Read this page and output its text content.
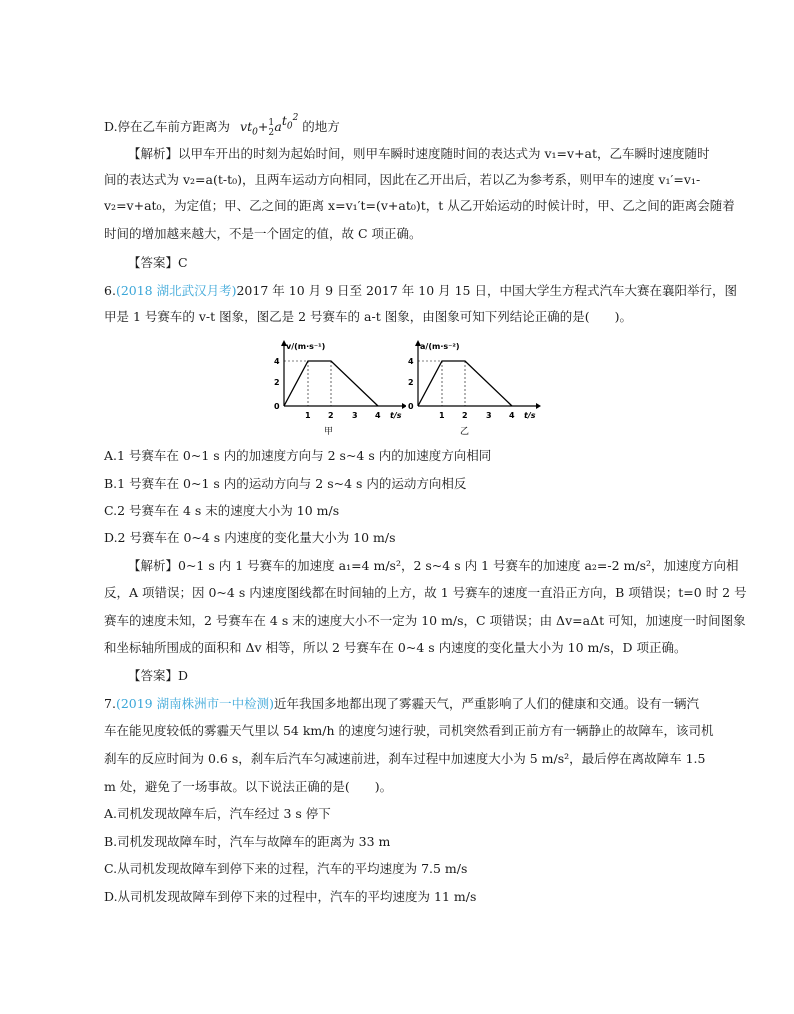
D.停在乙车前方距离为 $vt_0+ 1$
2 $at_0^2$ 的地方
【解析】以甲车开出的时刻为起始时间，则甲车瞬时速度随时间的表达式为 v₁=v+at，乙车瞬时速度随时
间的表达式为 v₂=a(t-t₀)，且两车运动方向相同，因此在乙开出后，若以乙为参考系，则甲车的速度 v₁′=v₁-
v₂=v+at₀，为定值；甲、乙之间的距离 x=v₁′t=(v+at₀)t，t 从乙开始运动的时候计时，甲、乙之间的距离会随着
时间的增加越来越大，不是一个固定的值，故 C 项正确。
【答案】C
6.(2018 湖北武汉月考)2017 年 10 月 9 日至 2017 年 10 月 15 日，中国大学生方程式汽车大赛在襄阳举行，图
甲是 1 号赛车的 v-t 图象，图乙是 2 号赛车的 a-t 图象，由图象可知下列结论正确的是(　　)。
v/(m·s⁻¹)
t/s
4
2
0
1 2 3 4
甲
a/(m·s⁻²)
t/s
4
2
0
1 2 3 4
乙
A.1 号赛车在 0~1 s 内的加速度方向与 2 s~4 s 内的加速度方向相同
B.1 号赛车在 0~1 s 内的运动方向与 2 s~4 s 内的运动方向相反
C.2 号赛车在 4 s 末的速度大小为 10 m/s
D.2 号赛车在 0~4 s 内速度的变化量大小为 10 m/s
【解析】0~1 s 内 1 号赛车的加速度 a₁=4 m/s²，2 s~4 s 内 1 号赛车的加速度 a₂=-2 m/s²，加速度方向相
反，A 项错误；因 0~4 s 内速度图线都在时间轴的上方，故 1 号赛车的速度一直沿正方向，B 项错误；t=0 时 2 号
赛车的速度未知，2 号赛车在 4 s 末的速度大小不一定为 10 m/s，C 项错误；由 Δv=aΔt 可知，加速度一时间图象
和坐标轴所围成的面积和 Δv 相等，所以 2 号赛车在 0~4 s 内速度的变化量大小为 10 m/s，D 项正确。
【答案】D
7.(2019 湖南株洲市一中检测)近年我国多地都出现了雾霾天气，严重影响了人们的健康和交通。设有一辆汽
车在能见度较低的雾霾天气里以 54 km/h 的速度匀速行驶，司机突然看到正前方有一辆静止的故障车，该司机
刹车的反应时间为 0.6 s，刹车后汽车匀减速前进，刹车过程中加速度大小为 5 m/s²，最后停在离故障车 1.5
m 处，避免了一场事故。以下说法正确的是(　　)。
A.司机发现故障车后，汽车经过 3 s 停下
B.司机发现故障车时，汽车与故障车的距离为 33 m
C.从司机发现故障车到停下来的过程，汽车的平均速度为 7.5 m/s
D.从司机发现故障车到停下来的过程中，汽车的平均速度为 11 m/s
